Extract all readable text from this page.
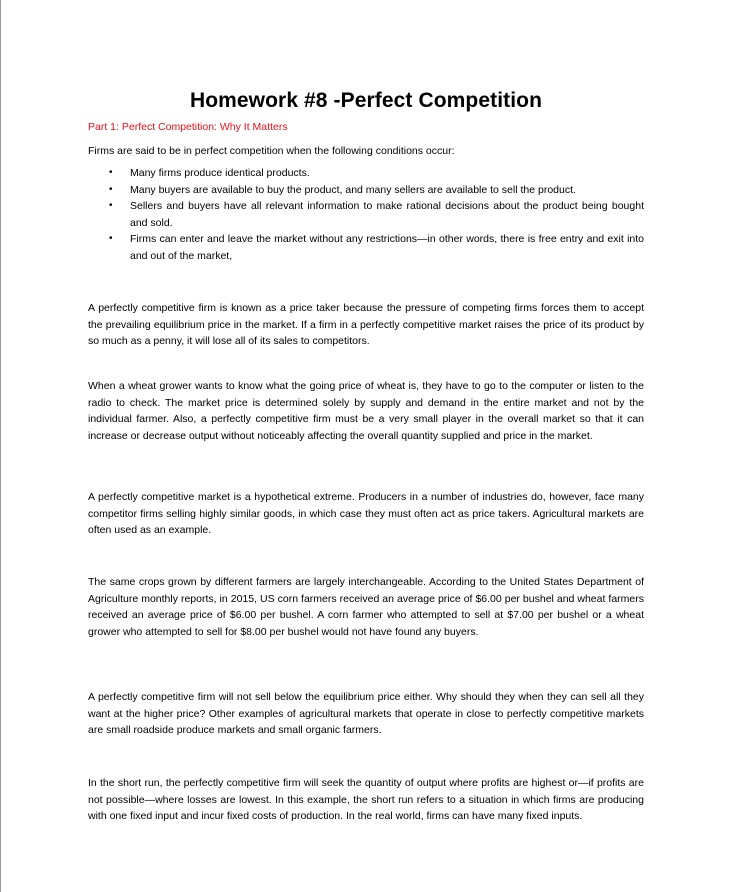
Homework #8 -Perfect Competition

Part 1: Perfect Competition: Why It Matters

Firms are said to be in perfect competition when the following conditions occur:

• Many firms produce identical products.
• Many buyers are available to buy the product, and many sellers are available to sell the product.
• Sellers and buyers have all relevant information to make rational decisions about the product being bought and sold.
• Firms can enter and leave the market without any restrictions—in other words, there is free entry and exit into and out of the market,

A perfectly competitive firm is known as a price taker because the pressure of competing firms forces them to accept the prevailing equilibrium price in the market. If a firm in a perfectly competitive market raises the price of its product by so much as a penny, it will lose all of its sales to competitors.

When a wheat grower wants to know what the going price of wheat is, they have to go to the computer or listen to the radio to check. The market price is determined solely by supply and demand in the entire market and not by the individual farmer. Also, a perfectly competitive firm must be a very small player in the overall market so that it can increase or decrease output without noticeably affecting the overall quantity supplied and price in the market.

A perfectly competitive market is a hypothetical extreme. Producers in a number of industries do, however, face many competitor firms selling highly similar goods, in which case they must often act as price takers. Agricultural markets are often used as an example.

The same crops grown by different farmers are largely interchangeable. According to the United States Department of Agriculture monthly reports, in 2015, US corn farmers received an average price of $6.00 per bushel and wheat farmers received an average price of $6.00 per bushel. A corn farmer who attempted to sell at $7.00 per bushel or a wheat grower who attempted to sell for $8.00 per bushel would not have found any buyers.

A perfectly competitive firm will not sell below the equilibrium price either. Why should they when they can sell all they want at the higher price? Other examples of agricultural markets that operate in close to perfectly competitive markets are small roadside produce markets and small organic farmers.

In the short run, the perfectly competitive firm will seek the quantity of output where profits are highest or—if profits are not possible—where losses are lowest. In this example, the short run refers to a situation in which firms are producing with one fixed input and incur fixed costs of production. In the real world, firms can have many fixed inputs.
